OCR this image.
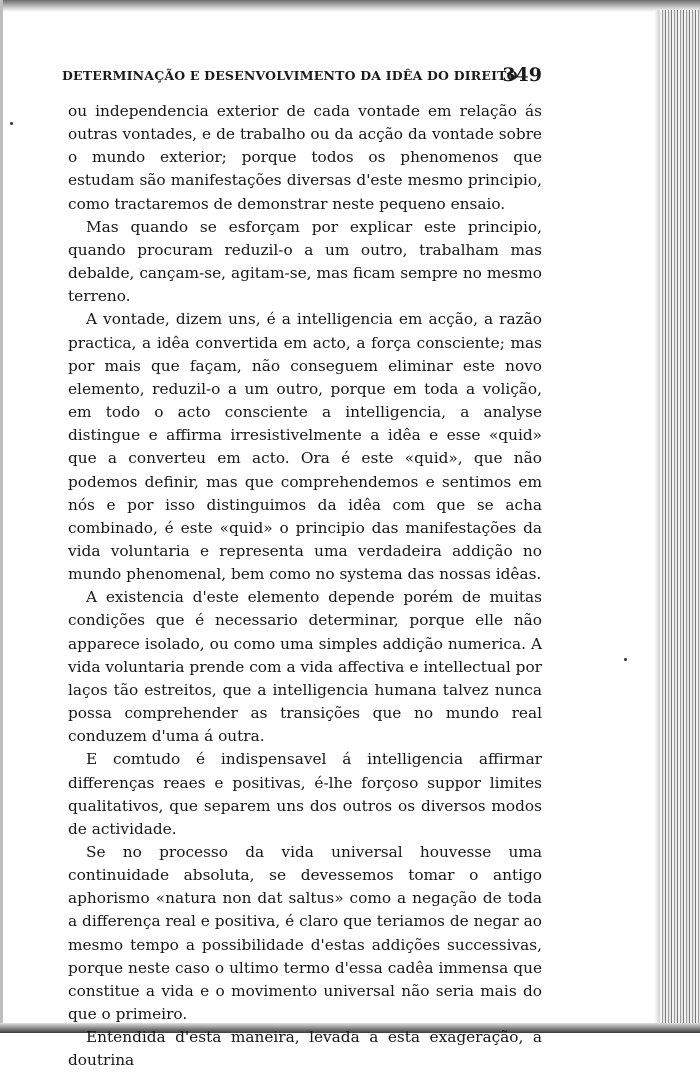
DETERMINAÇÃO E DESENVOLVIMENTO DA IDÊA DO DIREITO
349

ou independencia exterior de cada vontade em relação ás outras vontades, e de trabalho ou da acção da vontade sobre o mundo exterior; porque todos os phenomenos que estudam são manifestações diversas d'este mesmo principio, como tractaremos de demonstrar neste pequeno ensaio.

Mas quando se esforçam por explicar este principio, quando procuram reduzil-o a um outro, trabalham mas debalde, cançam-se, agitam-se, mas ficam sempre no mesmo terreno.

A vontade, dizem uns, é a intelligencia em acção, a razão practica, a idêa convertida em acto, a força consciente; mas por mais que façam, não conseguem eliminar este novo elemento, reduzil-o a um outro, porque em toda a volição, em todo o acto consciente a intelligencia, a analyse distingue e affirma irresistivelmente a idêa e esse «quid» que a converteu em acto. Ora é este «quid», que não podemos definir, mas que comprehendemos e sentimos em nós e por isso distinguimos da idêa com que se acha combinado, é este «quid» o principio das manifestações da vida voluntaria e representa uma verdadeira addição no mundo phenomenal, bem como no systema das nossas idêas.

A existencia d'este elemento depende porém de muitas condições que é necessario determinar, porque elle não apparece isolado, ou como uma simples addição numerica. A vida voluntaria prende com a vida affectiva e intellectual por laços tão estreitos, que a intelligencia humana talvez nunca possa comprehender as transições que no mundo real conduzem d'uma á outra.

E comtudo é indispensavel á intelligencia affirmar differenças reaes e positivas, é-lhe forçoso suppor limites qualitativos, que separem uns dos outros os diversos modos de actividade.

Se no processo da vida universal houvesse uma continuidade absoluta, se devessemos tomar o antigo aphorismo «natura non dat saltus» como a negação de toda a differença real e positiva, é claro que teriamos de negar ao mesmo tempo a possibilidade d'estas addições successivas, porque neste caso o ultimo termo d'essa cadêa immensa que constitue a vida e o movimento universal não seria mais do que o primeiro.

Entendida d'esta maneira, levada a esta exageração, a doutrina
